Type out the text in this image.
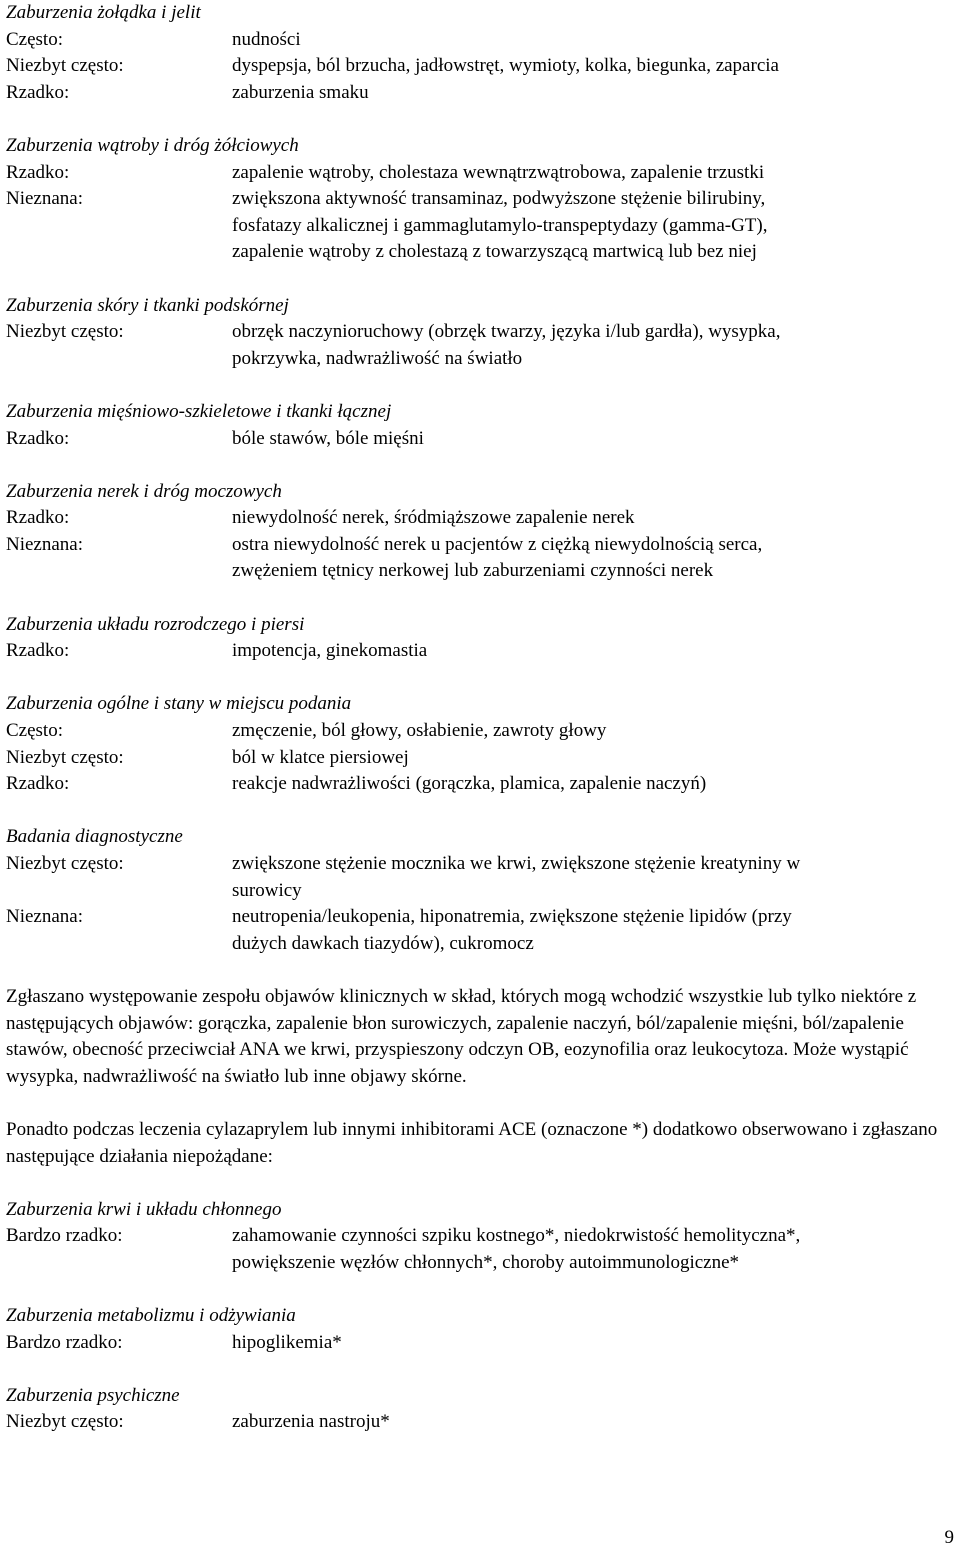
Zaburzenia żołądka i jelit
Często:	nudności
Niezbyt często:	dyspepsja, ból brzucha, jadłowstręt, wymioty, kolka, biegunka, zaparcia
Rzadko:	zaburzenia smaku
Zaburzenia wątroby i dróg żółciowych
Rzadko:	zapalenie wątroby, cholestaza wewnątrzwątrobowa, zapalenie trzustki
Nieznana:	zwiększona aktywność transaminaz, podwyższone stężenie bilirubiny,
fosfatazy alkalicznej i gammaglutamylo-transpeptydazy (gamma-GT),
zapalenie wątroby z cholestazą z towarzyszącą martwicą lub bez niej
Zaburzenia skóry i tkanki podskórnej
Niezbyt często:	obrzęk naczynioruchowy (obrzęk twarzy, języka i/lub gardła), wysypka,
pokrzywka, nadwrażliwość na światło
Zaburzenia mięśniowo-szkieletowe i tkanki łącznej
Rzadko:	bóle stawów, bóle mięśni
Zaburzenia nerek i dróg moczowych
Rzadko:	niewydolność nerek, śródmiąższowe zapalenie nerek
Nieznana:	ostra niewydolność nerek u pacjentów z ciężką niewydolnością serca,
zwężeniem tętnicy nerkowej lub zaburzeniami czynności nerek
Zaburzenia układu rozrodczego i piersi
Rzadko:	impotencja, ginekomastia
Zaburzenia ogólne i stany w miejscu podania
Często:	zmęczenie, ból głowy, osłabienie, zawroty głowy
Niezbyt często:	ból w klatce piersiowej
Rzadko:	reakcje nadwrażliwości (gorączka, plamica, zapalenie naczyń)
Badania diagnostyczne
Niezbyt często:	zwiększone stężenie mocznika we krwi, zwiększone stężenie kreatyniny w
surowicy
Nieznana:	neutropenia/leukopenia, hiponatremia, zwiększone stężenie lipidów (przy
dużych dawkach tiazydów), cukromocz

Zgłaszano występowanie zespołu objawów klinicznych w skład, których mogą wchodzić wszystkie lub tylko niektóre z następujących objawów: gorączka, zapalenie błon surowiczych, zapalenie naczyń, ból/zapalenie mięśni, ból/zapalenie stawów, obecność przeciwciał ANA we krwi, przyspieszony odczyn OB, eozynofilia oraz leukocytoza. Może wystąpić wysypka, nadwrażliwość na światło lub inne objawy skórne.

Ponadto podczas leczenia cylazaprylem lub innymi inhibitorami ACE (oznaczone *) dodatkowo obserwowano i zgłaszano następujące działania niepożądane:

Zaburzenia krwi i układu chłonnego
Bardzo rzadko:	zahamowanie czynności szpiku kostnego*, niedokrwistość hemolityczna*,
powiększenie węzłów chłonnych*, choroby autoimmunologiczne*
Zaburzenia metabolizmu i odżywiania
Bardzo rzadko:	hipoglikemia*
Zaburzenia psychiczne
Niezbyt często:	zaburzenia nastroju*
9
